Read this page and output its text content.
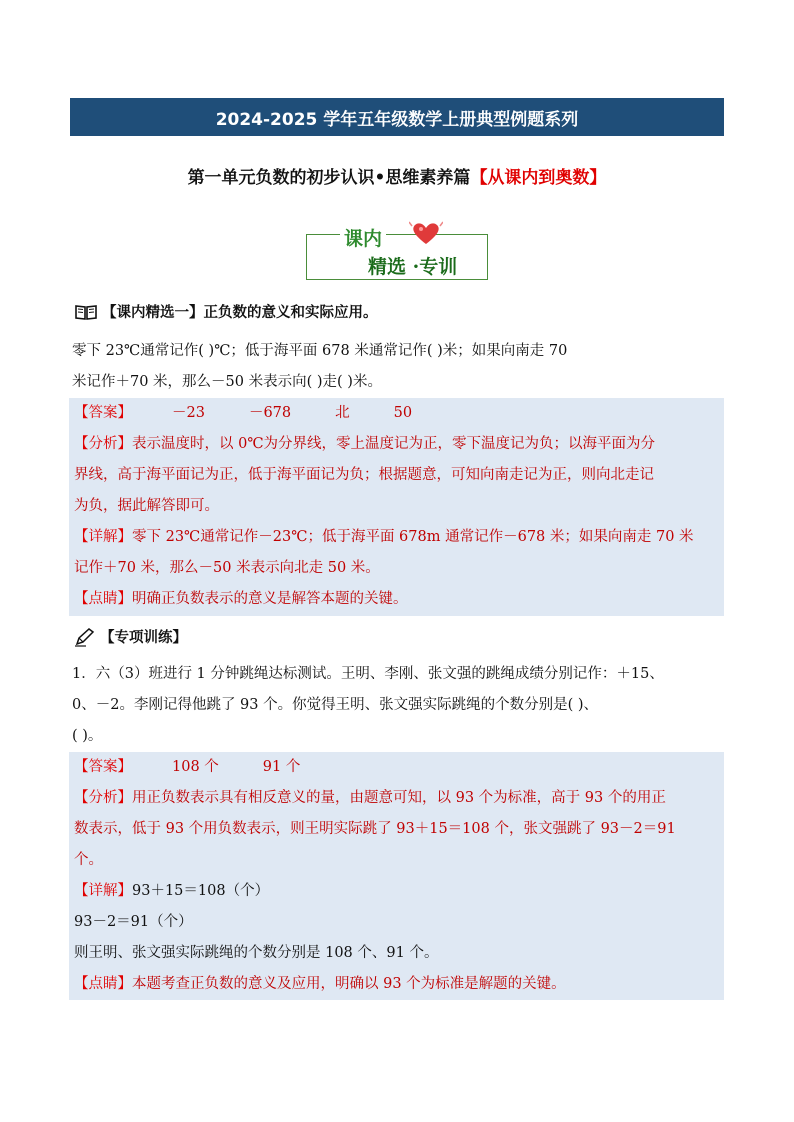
2024-2025 学年五年级数学上册典型例题系列
第一单元负数的初步认识•思维素养篇【从课内到奥数】
课内
精选 ·专训
【课内精选一】正负数的意义和实际应用。
零下 23℃通常记作( )℃；低于海平面 678 米通常记作( )米；如果向南走 70
米记作＋70 米，那么－50 米表示向( )走( )米。
【答案】	－23	－678	北	50
【分析】表示温度时，以 0℃为分界线，零上温度记为正，零下温度记为负；以海平面为分
界线，高于海平面记为正，低于海平面记为负；根据题意，可知向南走记为正，则向北走记
为负，据此解答即可。
【详解】零下 23℃通常记作－23℃；低于海平面 678m 通常记作－678 米；如果向南走 70 米
记作＋70 米，那么－50 米表示向北走 50 米。
【点睛】明确正负数表示的意义是解答本题的关键。
【专项训练】
1．六（3）班进行 1 分钟跳绳达标测试。王明、李刚、张文强的跳绳成绩分别记作：＋15、
0、－2。李刚记得他跳了 93 个。你觉得王明、张文强实际跳绳的个数分别是( )、
( )。
【答案】	108 个	91 个
【分析】用正负数表示具有相反意义的量，由题意可知，以 93 个为标准，高于 93 个的用正
数表示，低于 93 个用负数表示，则王明实际跳了 93＋15＝108 个，张文强跳了 93－2＝91
个。
【详解】93＋15＝108（个）
93－2＝91（个）
则王明、张文强实际跳绳的个数分别是 108 个、91 个。
【点睛】本题考查正负数的意义及应用，明确以 93 个为标准是解题的关键。
